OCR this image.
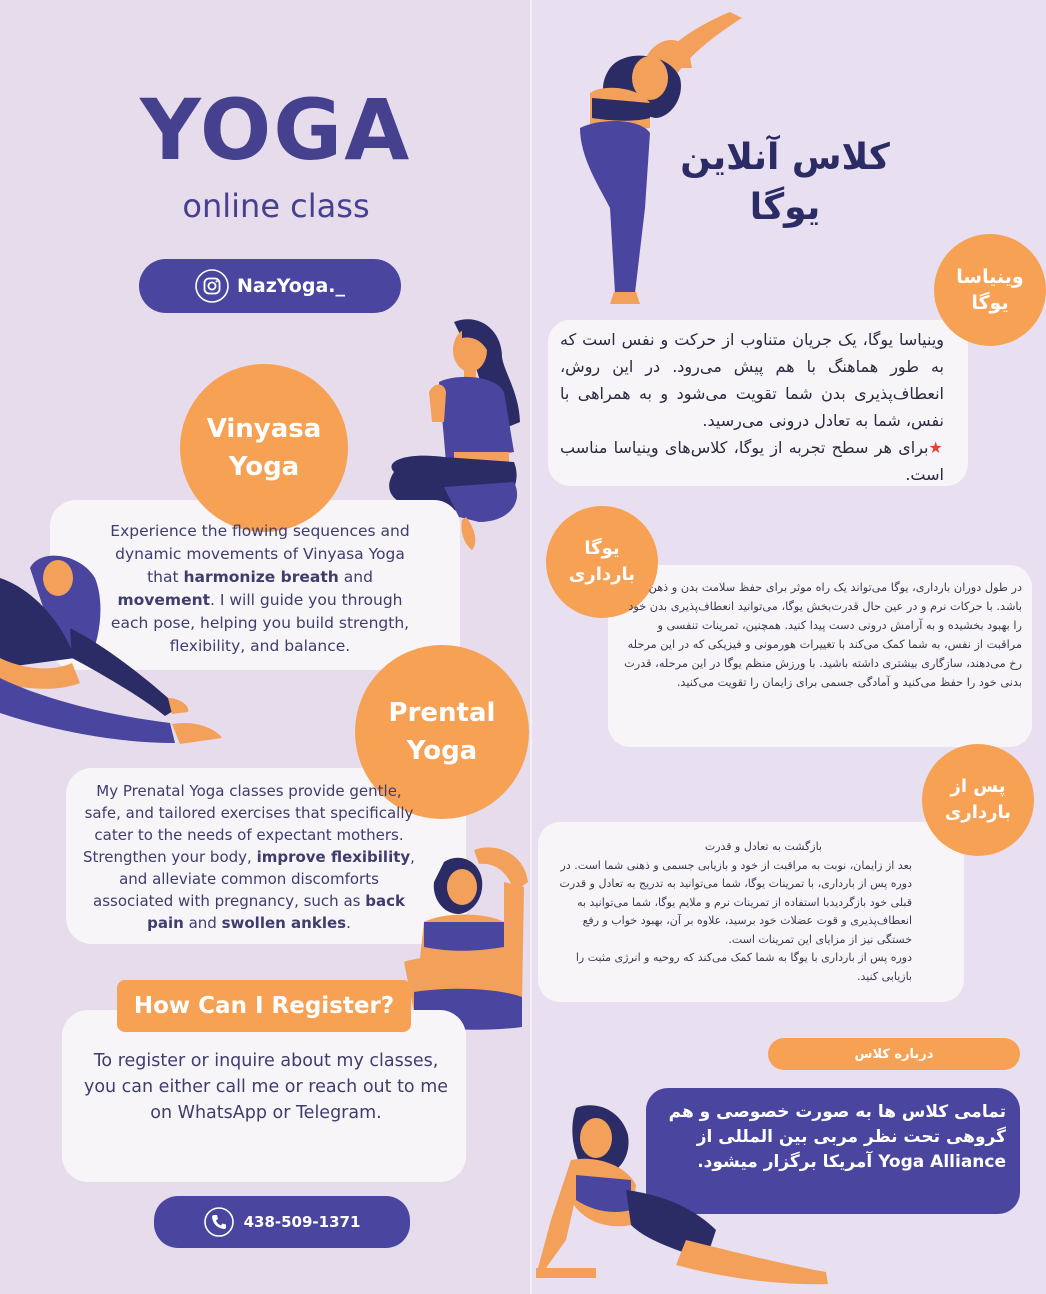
YOGA
online class
NazYoga._
Vinyasa
Yoga
Experience the flowing sequences and dynamic movements of Vinyasa Yoga that harmonize breath and movement. I will guide you through each pose, helping you build strength, flexibility, and balance.
Prental
Yoga
My Prenatal Yoga classes provide gentle, safe, and tailored exercises that specifically cater to the needs of expectant mothers. Strengthen your body, improve flexibility, and alleviate common discomforts associated with pregnancy, such as back pain and swollen ankles.
How Can I Register?
To register or inquire about my classes, you can either call me or reach out to me on WhatsApp or Telegram.
438-509-1371
کلاس آنلاین
یوگا
وینیاسا
یوگا
وینیاسا یوگا، یک جریان متناوب از حرکت و نفس است که به طور هماهنگ با هم پیش می‌رود. در این روش، انعطاف‌پذیری بدن شما تقویت می‌شود و به همراهی با نفس، شما به تعادل درونی می‌رسید.
★برای هر سطح تجربه از یوگا، کلاس‌های وینیاسا مناسب است.
یوگا
بارداری
در طول دوران بارداری، یوگا می‌تواند یک راه موثر برای حفظ سلامت بدن و ذهن باشد. با حرکات نرم و در عین حال قدرت‌بخش یوگا، می‌توانید انعطاف‌پذیری بدن خود را بهبود بخشیده و به آرامش درونی دست پیدا کنید. همچنین، تمرینات تنفسی و مراقبت از نفس، به شما کمک می‌کند با تغییرات هورمونی و فیزیکی که در این مرحله رخ می‌دهند، سازگاری بیشتری داشته باشید. با ورزش منظم یوگا در این مرحله، قدرت بدنی خود را حفظ می‌کنید و آمادگی جسمی برای زایمان را تقویت می‌کنید.
پس از
بارداری
بازگشت به تعادل و قدرت
بعد از زایمان، نوبت به مراقبت از خود و بازیابی جسمی و ذهنی شما است. در دوره پس از بارداری، با تمرینات یوگا، شما می‌توانید به تدریج به تعادل و قدرت قبلی خود بازگردیدبا استفاده از تمرینات نرم و ملایم یوگا، شما می‌توانید به انعطاف‌پذیری و قوت عضلات خود برسید، علاوه بر آن، بهبود خواب و رفع خستگی نیز از مزایای این تمرینات است.
دوره پس از بارداری با یوگا به شما کمک می‌کند که روحیه و انرژی مثبت را بازیابی کنید.
درباره کلاس
تمامی کلاس ها به صورت خصوصی و هم
گروهی تحت نظر مربی بین المللی از
Yoga Alliance آمریکا برگزار میشود.
